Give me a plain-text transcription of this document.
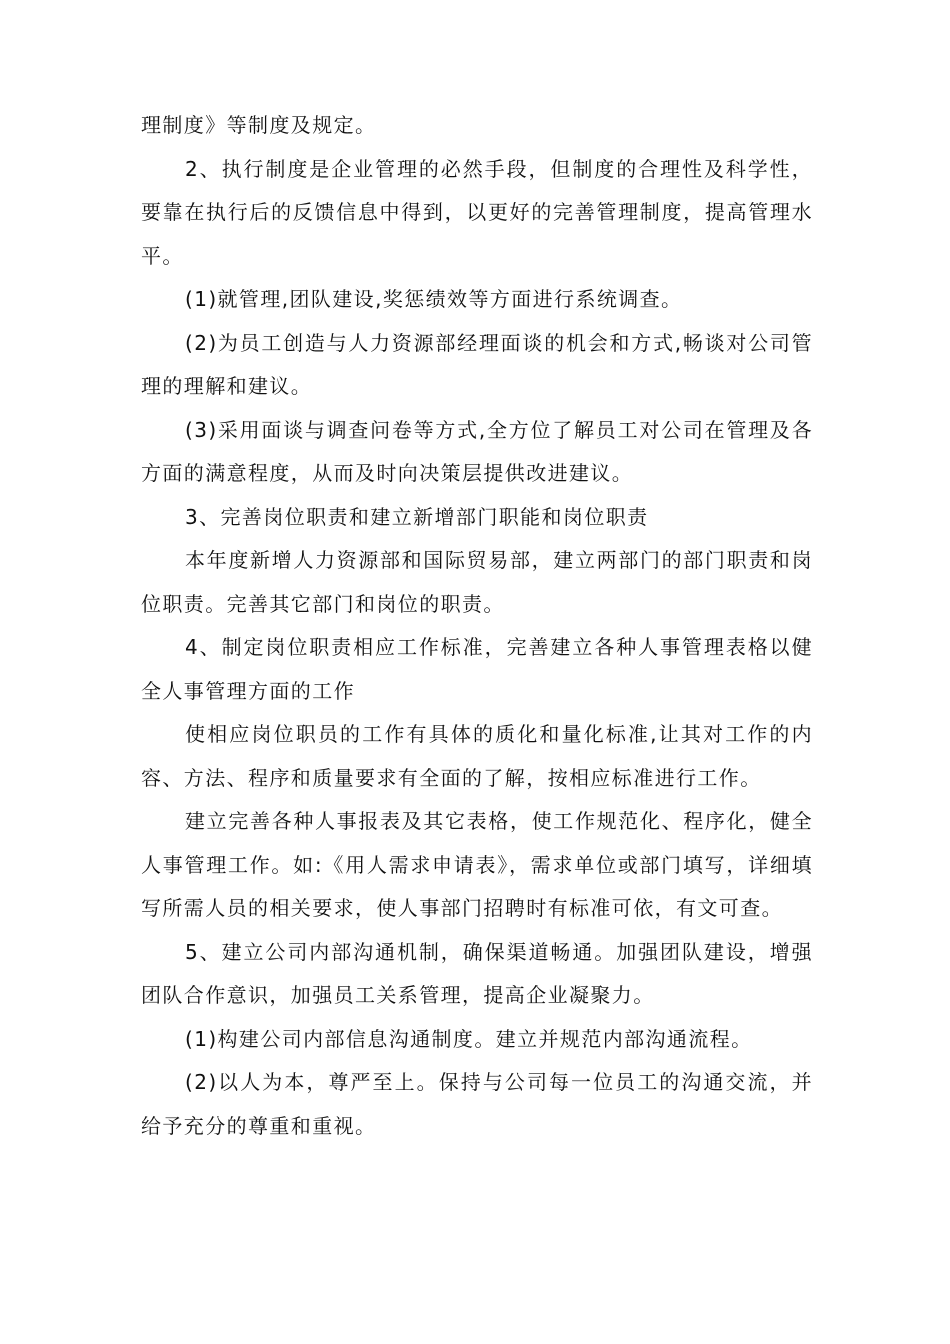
理制度》等制度及规定。

2、执行制度是企业管理的必然手段，但制度的合理性及科学性，要靠在执行后的反馈信息中得到，以更好的完善管理制度，提高管理水平。

(1)就管理,团队建设,奖惩绩效等方面进行系统调查。

(2)为员工创造与人力资源部经理面谈的机会和方式,畅谈对公司管理的理解和建议。

(3)采用面谈与调查问卷等方式,全方位了解员工对公司在管理及各方面的满意程度，从而及时向决策层提供改进建议。

3、完善岗位职责和建立新增部门职能和岗位职责

本年度新增人力资源部和国际贸易部，建立两部门的部门职责和岗位职责。完善其它部门和岗位的职责。

4、制定岗位职责相应工作标准，完善建立各种人事管理表格以健全人事管理方面的工作

使相应岗位职员的工作有具体的质化和量化标准,让其对工作的内容、方法、程序和质量要求有全面的了解，按相应标准进行工作。

建立完善各种人事报表及其它表格，使工作规范化、程序化，健全人事管理工作。如:《用人需求申请表》，需求单位或部门填写，详细填写所需人员的相关要求，使人事部门招聘时有标准可依，有文可查。

5、建立公司内部沟通机制，确保渠道畅通。加强团队建设，增强团队合作意识，加强员工关系管理，提高企业凝聚力。

(1)构建公司内部信息沟通制度。建立并规范内部沟通流程。

(2)以人为本，尊严至上。保持与公司每一位员工的沟通交流，并给予充分的尊重和重视。
